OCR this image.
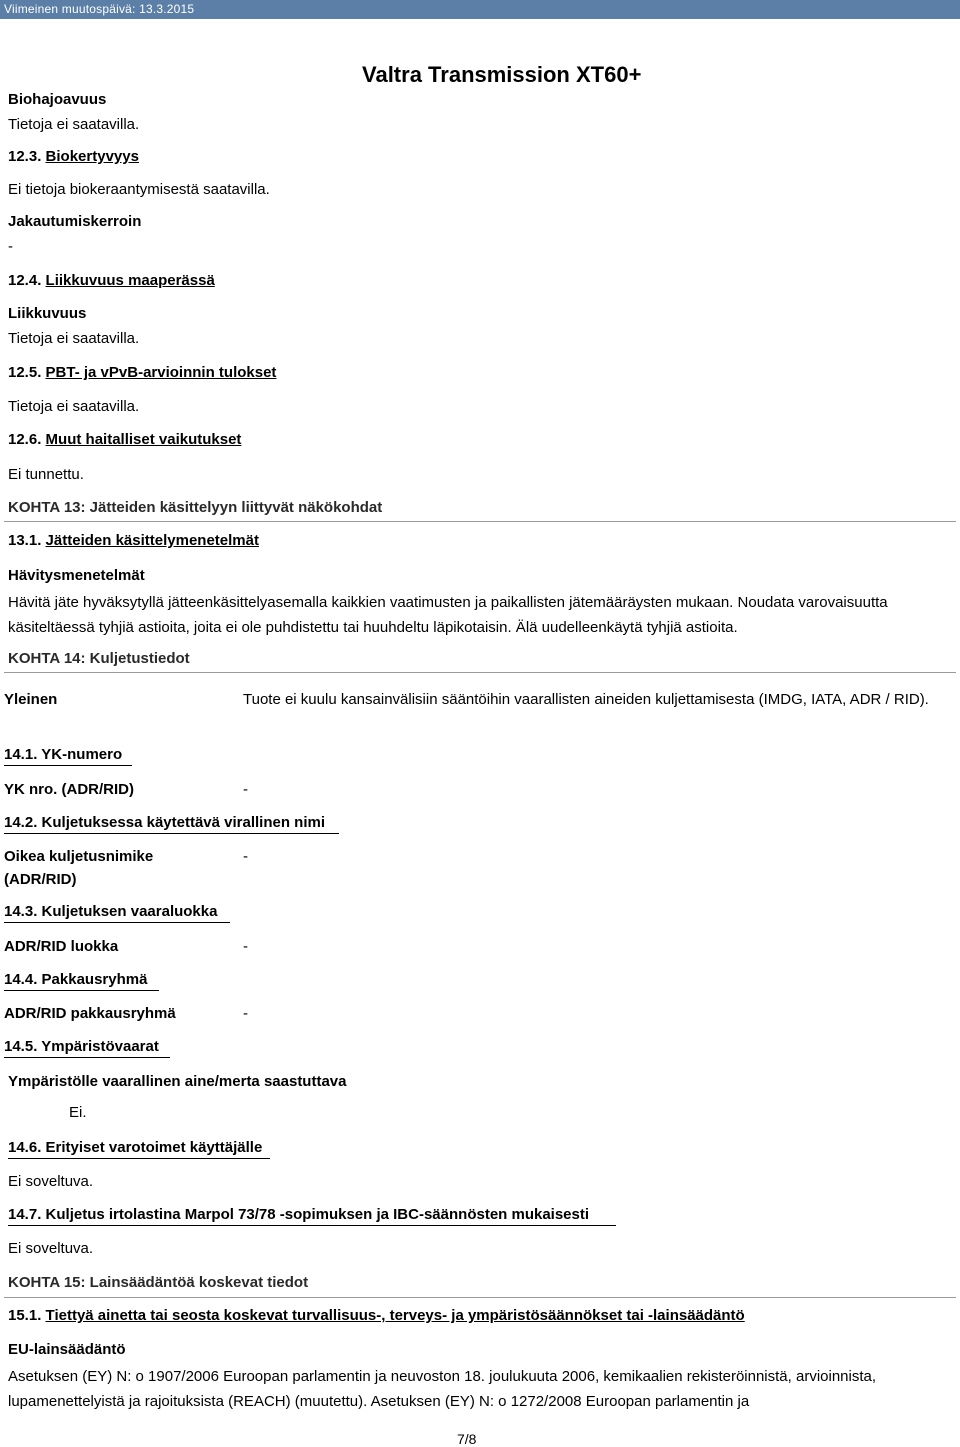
Viimeinen muutospäivä: 13.3.2015
Valtra Transmission XT60+
Biohajoavuus
Tietoja ei saatavilla.
12.3. Biokertyvyys
Ei tietoja biokeraantymisestä saatavilla.
Jakautumiskerroin
-
12.4. Liikkuvuus maaperässä
Liikkuvuus
Tietoja ei saatavilla.
12.5. PBT- ja vPvB-arvioinnin tulokset
Tietoja ei saatavilla.
12.6. Muut haitalliset vaikutukset
Ei tunnettu.
KOHTA 13: Jätteiden käsittelyyn liittyvät näkökohdat
13.1. Jätteiden käsittelymenetelmät
Hävitysmenetelmät
Hävitä jäte hyväksytyllä jätteenkäsittelyasemalla kaikkien vaatimusten ja paikallisten jätemääräysten mukaan. Noudata varovaisuutta käsiteltäessä tyhjiä astioita, joita ei ole puhdistettu tai huuhdeltu läpikotaisin. Älä uudelleenkäytä tyhjiä astioita.
KOHTA 14: Kuljetustiedot
Yleinen	Tuote ei kuulu kansainvälisiin sääntöihin vaarallisten aineiden kuljettamisesta (IMDG, IATA, ADR / RID).
14.1. YK-numero
YK nro. (ADR/RID)	-
14.2. Kuljetuksessa käytettävä virallinen nimi
Oikea kuljetusnimike
(ADR/RID)
-
14.3. Kuljetuksen vaaraluokka
ADR/RID luokka	-
14.4. Pakkausryhmä
ADR/RID pakkausryhmä	-
14.5. Ympäristövaarat
Ympäristölle vaarallinen aine/merta saastuttava
Ei.
14.6. Erityiset varotoimet käyttäjälle
Ei soveltuva.
14.7. Kuljetus irtolastina Marpol 73/78 -sopimuksen ja IBC-säännösten mukaisesti
Ei soveltuva.
KOHTA 15: Lainsäädäntöä koskevat tiedot
15.1. Tiettyä ainetta tai seosta koskevat turvallisuus-, terveys- ja ympäristösäännökset tai -lainsäädäntö
EU-lainsäädäntö
Asetuksen (EY) N: o 1907/2006 Euroopan parlamentin ja neuvoston 18. joulukuuta 2006, kemikaalien rekisteröinnistä, arvioinnista, lupamenettelyistä ja rajoituksista (REACH) (muutettu). Asetuksen (EY) N: o 1272/2008 Euroopan parlamentin ja
7/8
